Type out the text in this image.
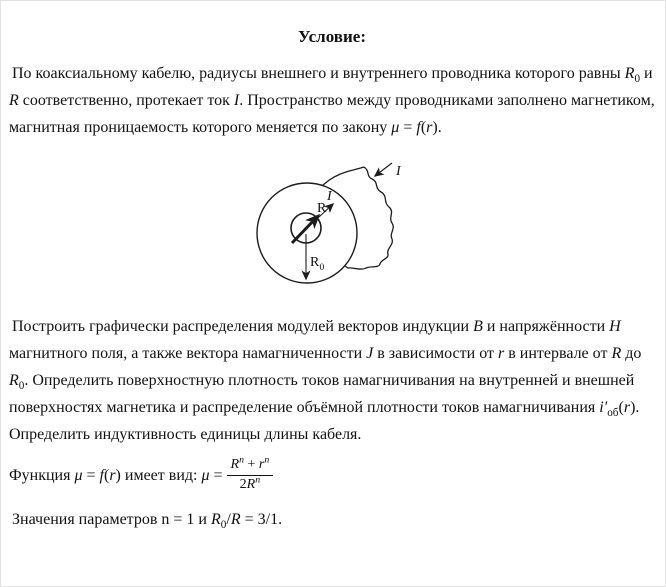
Условие:

По коаксиальному кабелю, радиусы внешнего и внутреннего проводника которого равны $R_0$ и R соответственно, протекает ток I. Пространство между проводниками заполнено магнетиком, магнитная проницаемость которого меняется по закону μ = f(r).

I
I
R
R 0

Построить графически распределения модулей векторов индукции B и напряжённости H магнитного поля, а также вектора намагниченности J в зависимости от r в интервале от R до $R_0$. Определить поверхностную плотность токов намагничивания на внутренней и внешней поверхностях магнетика и распределение объёмной плотности токов намагничивания $i'_{об}(r)$. Определить индуктивность единицы длины кабеля.

Функция μ = f(r) имеет вид: $\mu = \frac{R^n + r^n}{2R^n}$

Значения параметров n = 1 и $R_0/R = 3/1$.
